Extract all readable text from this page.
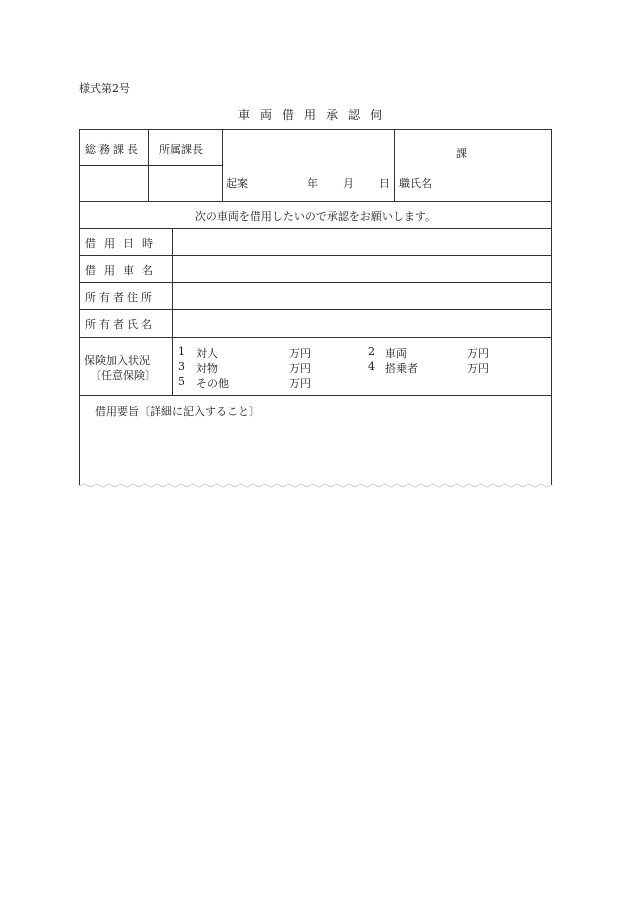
様式第2号
車両借用承認伺
総務課長 所属課長	課
起案	年 月 日 職氏名
次の車両を借用したいので承認をお願いします。
借用日時
借用車名
所有者住所
所有者氏名
保険加入状況
〔任意保険〕
1 対人	万円	2 車両	万円
3 対物	万円	4 搭乗者	万円
5 その他	万円
借用要旨〔詳細に記入すること〕
